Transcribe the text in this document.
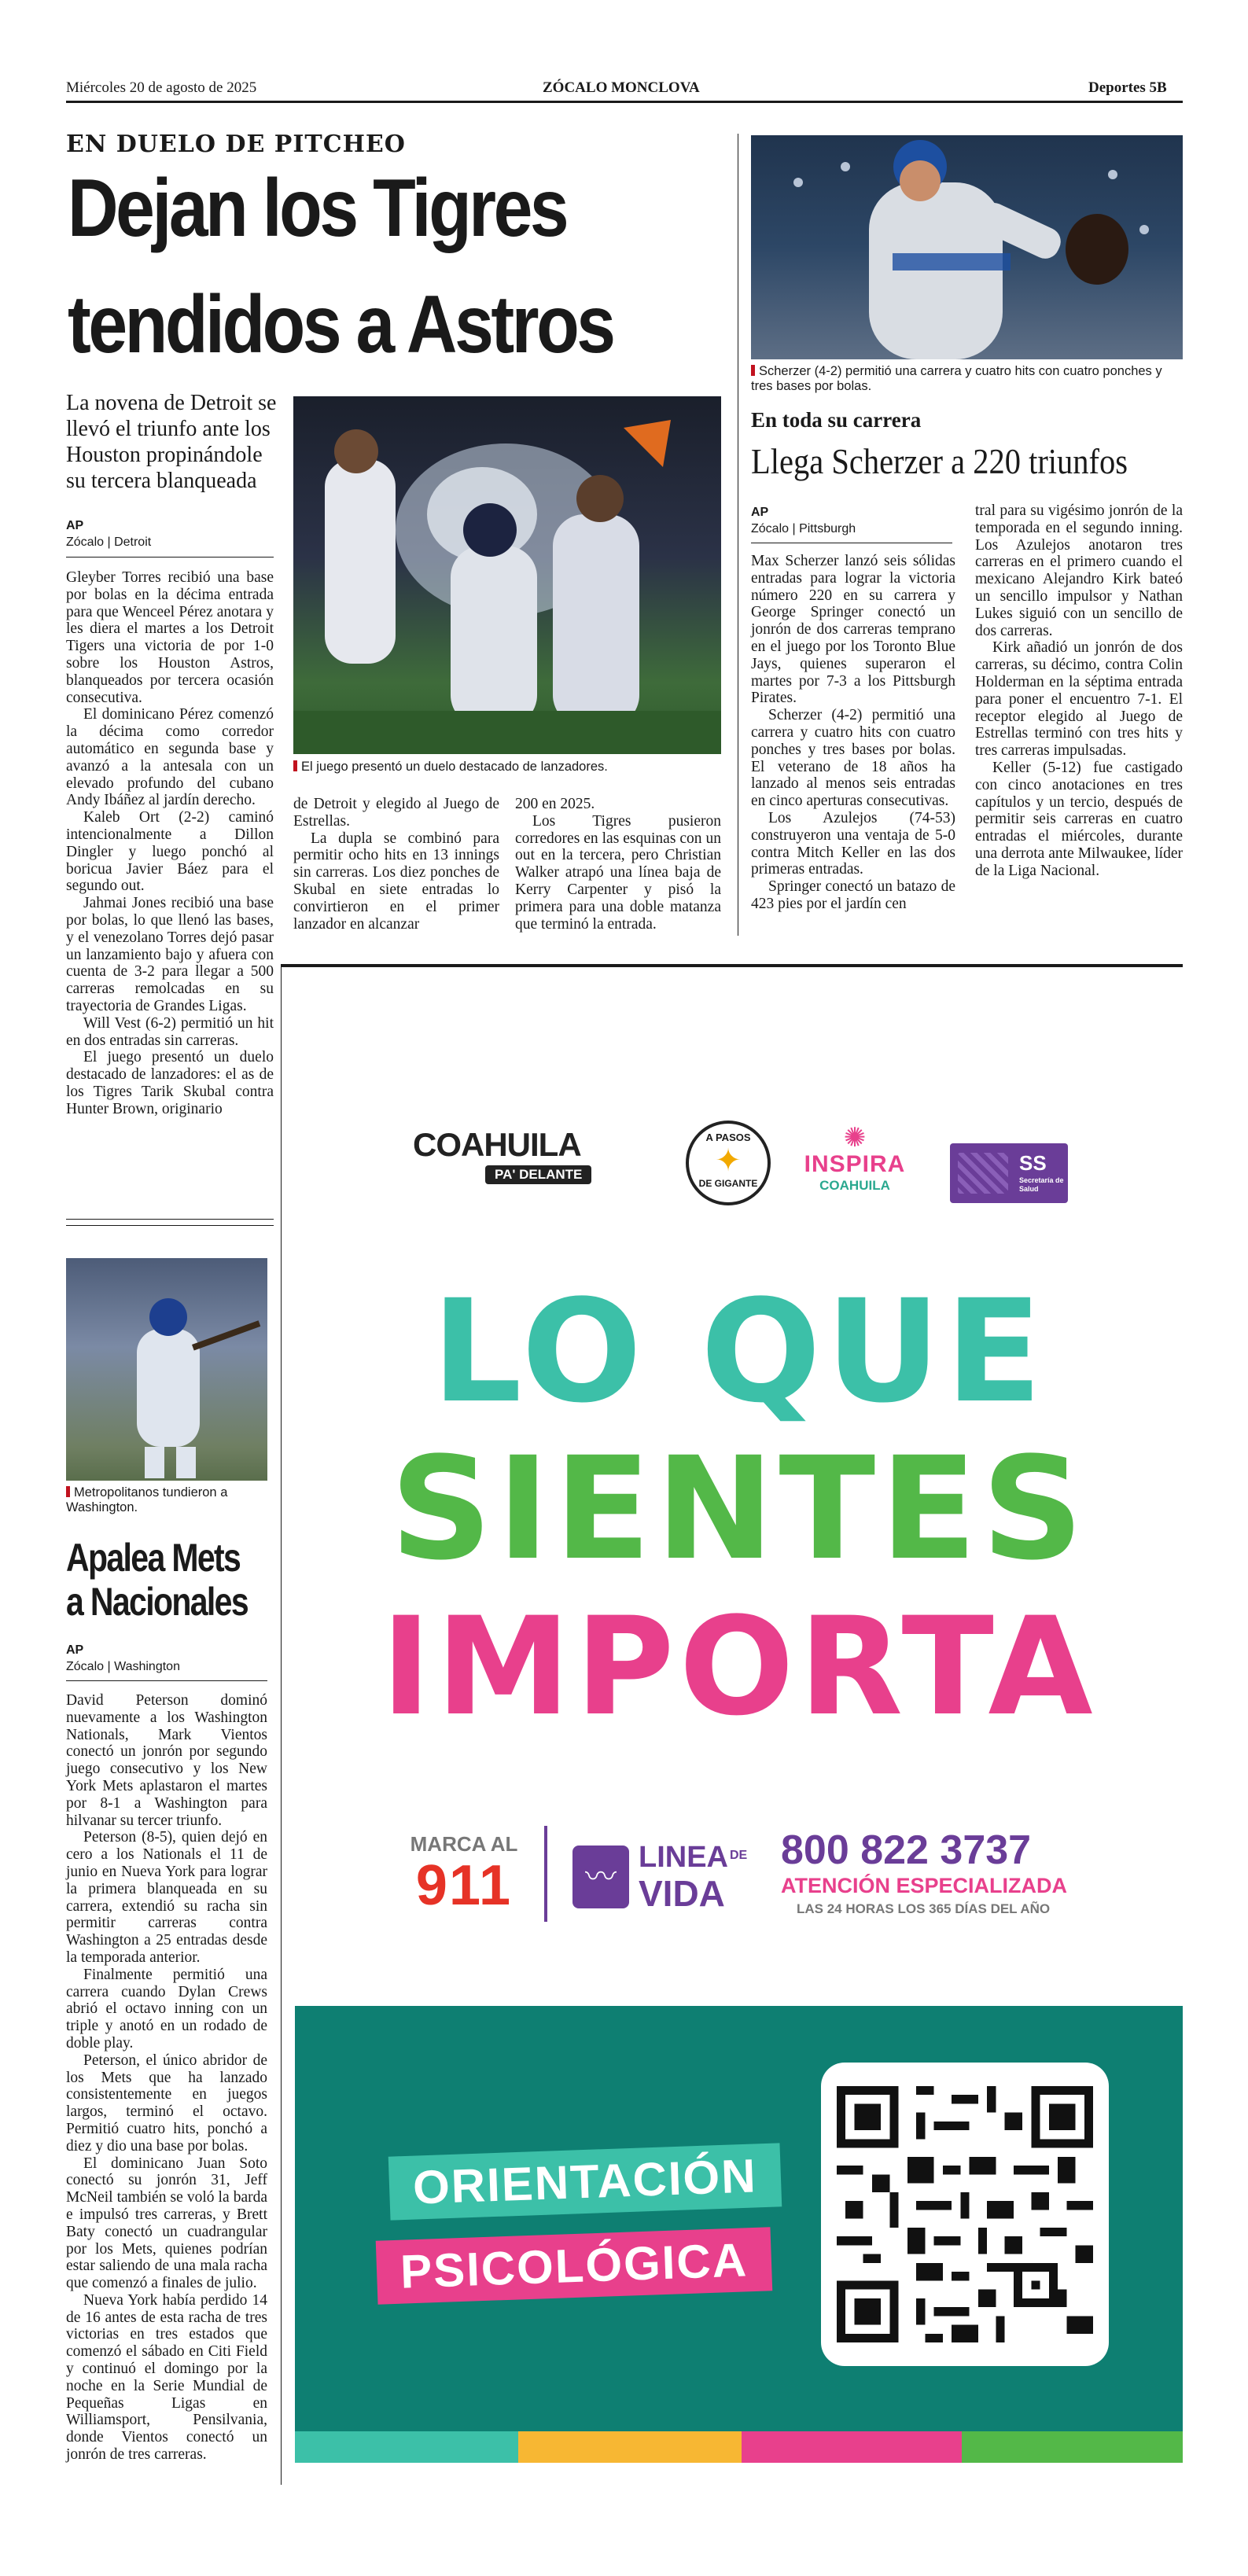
Miércoles 20 de agosto de 2025	ZÓCALO MONCLOVA	Deportes 5B
EN DUELO DE PITCHEO
Dejan los Tigres
tendidos a Astros
La novena de Detroit se llevó el triunfo ante los Houston propinándole su tercera blanqueada
AP
Zócalo | Detroit
El juego presentó un duelo destacado de lanzadores.

Gleyber Torres recibió una base por bolas en la décima entrada para que Wenceel Pérez anotara y les diera el martes a los Detroit Tigers una victoria de por 1-0 sobre los Houston Astros, blanqueados por tercera ocasión consecutiva.

El dominicano Pérez comenzó la décima como corredor automático en segunda base y avanzó a la antesala con un elevado profundo del cubano Andy Ibáñez al jardín derecho.

Kaleb Ort (2-2) caminó intencionalmente a Dillon Dingler y luego ponchó al boricua Javier Báez para el segundo out.

Jahmai Jones recibió una base por bolas, lo que llenó las bases, y el venezolano Torres dejó pasar un lanzamiento bajo y afuera con cuenta de 3-2 para llegar a 500 carreras remolcadas en su trayectoria de Grandes Ligas.

Will Vest (6-2) permitió un hit en dos entradas sin carreras.

El juego presentó un duelo destacado de lanzadores: el as de los Tigres Tarik Skubal contra Hunter Brown, originario

de Detroit y elegido al Juego de Estrellas.

La dupla se combinó para permitir ocho hits en 13 innings sin carreras. Los diez ponches de Skubal en siete entradas lo convirtieron en el primer lanzador en alcanzar

200 en 2025.

Los Tigres pusieron corredores en las esquinas con un out en la tercera, pero Christian Walker atrapó una línea baja de Kerry Carpenter y pisó la primera para una doble matanza que terminó la entrada.

Scherzer (4-2) permitió una carrera y cuatro hits con cuatro ponches y tres bases por bolas.
En toda su carrera
Llega Scherzer a 220 triunfos
AP
Zócalo | Pittsburgh

Max Scherzer lanzó seis sólidas entradas para lograr la victoria número 220 en su carrera y George Springer conectó un jonrón de dos carreras temprano en el juego por los Toronto Blue Jays, quienes superaron el martes por 7-3 a los Pittsburgh Pirates.

Scherzer (4-2) permitió una carrera y cuatro hits con cuatro ponches y tres bases por bolas. El veterano de 18 años ha lanzado al menos seis entradas en cinco aperturas consecutivas.

Los Azulejos (74-53) construyeron una ventaja de 5-0 contra Mitch Keller en las dos primeras entradas.

Springer conectó un batazo de 423 pies por el jardín cen

tral para su vigésimo jonrón de la temporada en el segundo inning. Los Azulejos anotaron tres carreras en el primero cuando el mexicano Alejandro Kirk bateó un sencillo impulsor y Nathan Lukes siguió con un sencillo de dos carreras.

Kirk añadió un jonrón de dos carreras, su décimo, contra Colin Holderman en la séptima entrada para poner el encuentro 7-1. El receptor elegido al Juego de Estrellas terminó con tres hits y tres carreras impulsadas.

Keller (5-12) fue castigado con cinco anotaciones en tres capítulos y un tercio, después de permitir seis carreras en cuatro entradas el miércoles, durante una derrota ante Milwaukee, líder de la Liga Nacional.

Metropolitanos tundieron a Washington.
Apalea Mets
a Nacionales
AP
Zócalo | Washington

David Peterson dominó nuevamente a los Washington Nationals, Mark Vientos conectó un jonrón por segundo juego consecutivo y los New York Mets aplastaron el martes por 8-1 a Washington para hilvanar su tercer triunfo.

Peterson (8-5), quien dejó en cero a los Nationals el 11 de junio en Nueva York para lograr la primera blanqueada en su carrera, extendió su racha sin permitir carreras contra Washington a 25 entradas desde la temporada anterior.

Finalmente permitió una carrera cuando Dylan Crews abrió el octavo inning con un triple y anotó en un rodado de doble play.

Peterson, el único abridor de los Mets que ha lanzado consistentemente en juegos largos, terminó el octavo. Permitió cuatro hits, ponchó a diez y dio una base por bolas.

El dominicano Juan Soto conectó su jonrón 31, Jeff McNeil también se voló la barda e impulsó tres carreras, y Brett Baty conectó un cuadrangular por los Mets, quienes podrían estar saliendo de una mala racha que comenzó a finales de julio.

Nueva York había perdido 14 de 16 antes de esta racha de tres victorias en tres estados que comenzó el sábado en Citi Field y continuó el domingo por la noche en la Serie Mundial de Pequeñas Ligas en Williamsport, Pensilvania, donde Vientos conectó un jonrón de tres carreras.

COAHUILA
PA' DELANTE
A PASOS
✦
DE GIGANTE
✺
INSPIRA
COAHUILA
SS
Secretaría de Salud
LO QUE
SIENTES
IMPORTA
MARCA AL
911	〰
LINEA DE
VIDA
800 822 3737
ATENCIÓN ESPECIALIZADA
LAS 24 HORAS LOS 365 DÍAS DEL AÑO
ORIENTACIÓN
PSICOLÓGICA
